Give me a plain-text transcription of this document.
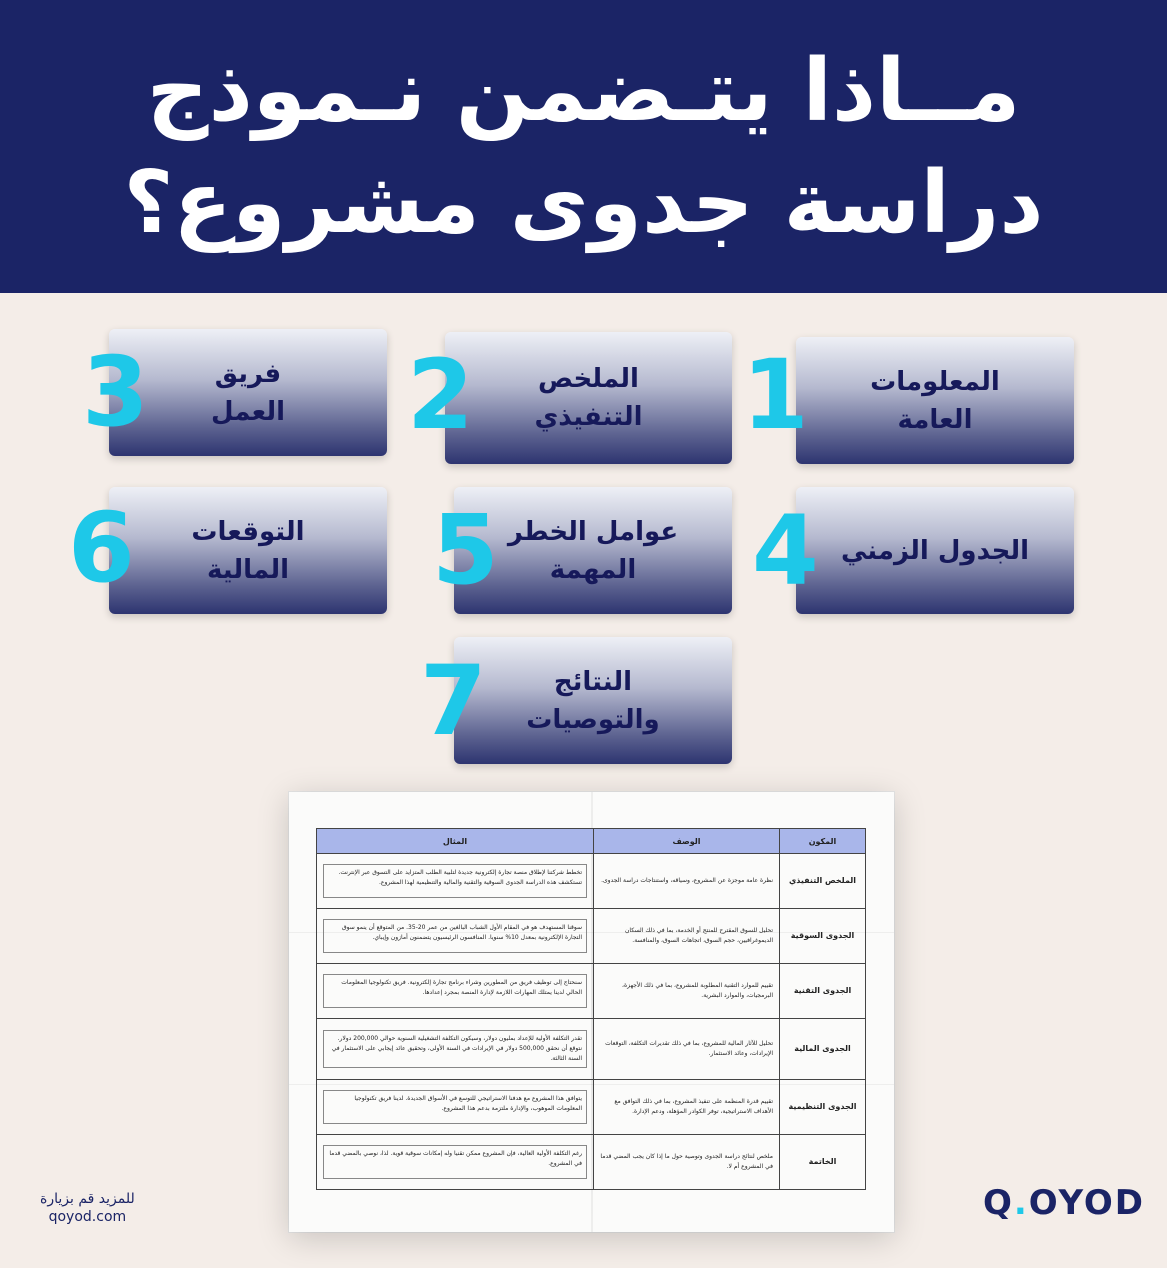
مــاذا يتـضمن نـموذج
دراسة جدوى مشروع؟
المعلومات
العامة
1
الملخص
التنفيذي
2
فريق
العمل
3
الجدول الزمني
4
عوامل الخطر
المهمة
5
التوقعات
المالية
6
النتائج
والتوصيات
7
المكون	الوصف	المثال
الملخص التنفيذي	نظرة عامة موجزة عن المشروع، وسياقه، واستنتاجات دراسة الجدوى.	تخطط شركتنا لإطلاق منصة تجارة إلكترونية جديدة لتلبية الطلب المتزايد على التسوق عبر الإنترنت. تستكشف هذه الدراسة الجدوى السوقية والتقنية والمالية والتنظيمية لهذا المشروع.

الجدوى السوقية	تحليل للسوق المقترح للمنتج أو الخدمة، بما في ذلك السكان الديموغرافيين، حجم السوق، اتجاهات السوق، والمنافسة.	سوقنا المستهدف هو في المقام الأول الشباب البالغين من عمر 20-35. من المتوقع أن ينمو سوق التجارة الإلكترونية بمعدل 10% سنويا. المنافسون الرئيسيون يتضمنون أمازون وإيباي.

الجدوى التقنية	تقييم للموارد التقنية المطلوبة للمشروع، بما في ذلك الأجهزة، البرمجيات، والموارد البشرية.	سنحتاج إلى توظيف فريق من المطورين وشراء برنامج تجارة إلكترونية. فريق تكنولوجيا المعلومات الحالي لدينا يمتلك المهارات اللازمة لإدارة المنصة بمجرد إعدادها.

الجدوى المالية	تحليل للآثار المالية للمشروع، بما في ذلك تقديرات التكلفة، التوقعات الإيرادات، وعائد الاستثمار.	تقدر التكلفة الأولية للإعداد بمليون دولار، وسيكون التكلفة التشغيلية السنوية حوالي 200,000 دولار. نتوقع أن نحقق 500,000 دولار في الإيرادات في السنة الأولى، وتحقيق عائد إيجابي على الاستثمار في السنة الثالثة.

الجدوى التنظيمية	تقييم قدرة المنظمة على تنفيذ المشروع، بما في ذلك التوافق مع الأهداف الاستراتيجية، توفر الكوادر المؤهلة، ودعم الإدارة.	يتوافق هذا المشروع مع هدفنا الاستراتيجي للتوسع في الأسواق الجديدة. لدينا فريق تكنولوجيا المعلومات الموهوب، والإدارة ملتزمة بدعم هذا المشروع.

الخاتمة	ملخص لنتائج دراسة الجدوى وتوصية حول ما إذا كان يجب المضي قدما في المشروع أم لا.	رغم التكلفة الأولية العالية، فإن المشروع ممكن تقنيا وله إمكانات سوقية قوية. لذا، نوصي بالمضي قدما في المشروع.
للمزيد قم بزيارة
qoyod.com	Q . OYOD
